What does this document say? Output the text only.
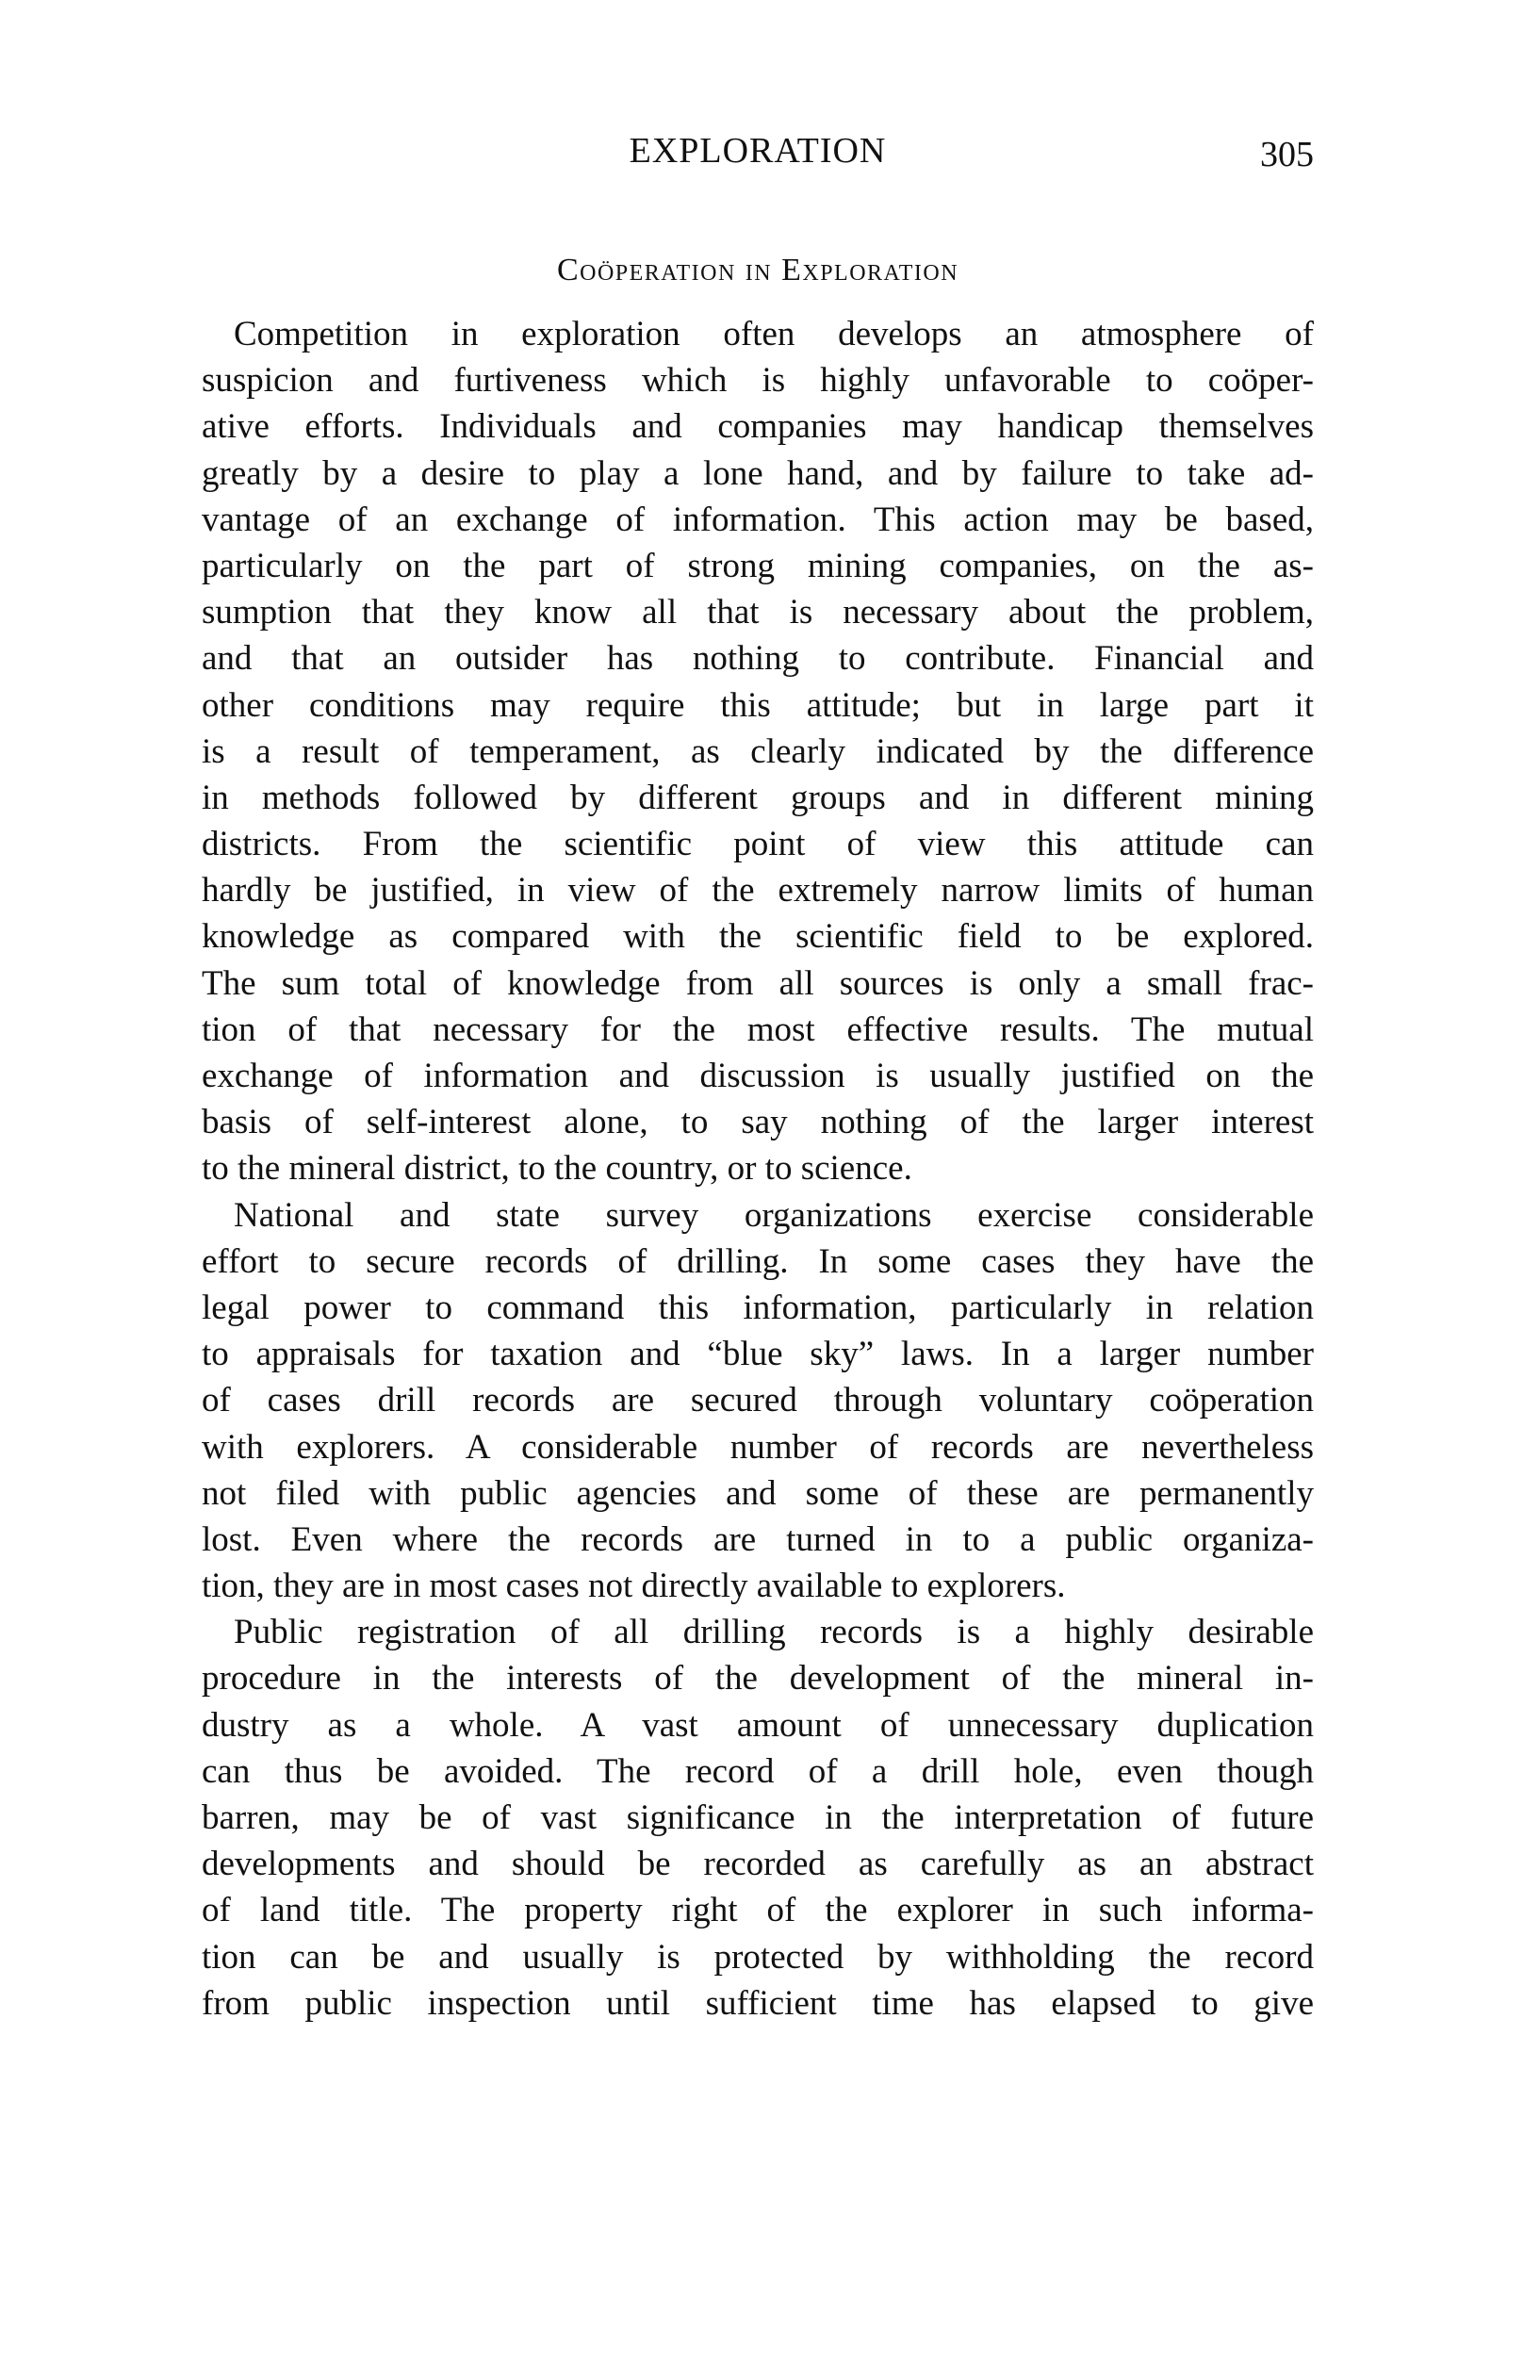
EXPLORATION	305
Coöperation in Exploration
Competition in exploration often develops an atmosphere of
suspicion and furtiveness which is highly unfavorable to coöper-
ative efforts. Individuals and companies may handicap themselves
greatly by a desire to play a lone hand, and by failure to take ad-
vantage of an exchange of information. This action may be based,
particularly on the part of strong mining companies, on the as-
sumption that they know all that is necessary about the problem,
and that an outsider has nothing to contribute. Financial and
other conditions may require this attitude; but in large part it
is a result of temperament, as clearly indicated by the difference
in methods followed by different groups and in different mining
districts. From the scientific point of view this attitude can
hardly be justified, in view of the extremely narrow limits of human
knowledge as compared with the scientific field to be explored.
The sum total of knowledge from all sources is only a small frac-
tion of that necessary for the most effective results. The mutual
exchange of information and discussion is usually justified on the
basis of self-interest alone, to say nothing of the larger interest
to the mineral district, to the country, or to science.
National and state survey organizations exercise considerable
effort to secure records of drilling. In some cases they have the
legal power to command this information, particularly in relation
to appraisals for taxation and “blue sky” laws. In a larger number
of cases drill records are secured through voluntary coöperation
with explorers. A considerable number of records are nevertheless
not filed with public agencies and some of these are permanently
lost. Even where the records are turned in to a public organiza-
tion, they are in most cases not directly available to explorers.
Public registration of all drilling records is a highly desirable
procedure in the interests of the development of the mineral in-
dustry as a whole. A vast amount of unnecessary duplication
can thus be avoided. The record of a drill hole, even though
barren, may be of vast significance in the interpretation of future
developments and should be recorded as carefully as an abstract
of land title. The property right of the explorer in such informa-
tion can be and usually is protected by withholding the record
from public inspection until sufficient time has elapsed to give
